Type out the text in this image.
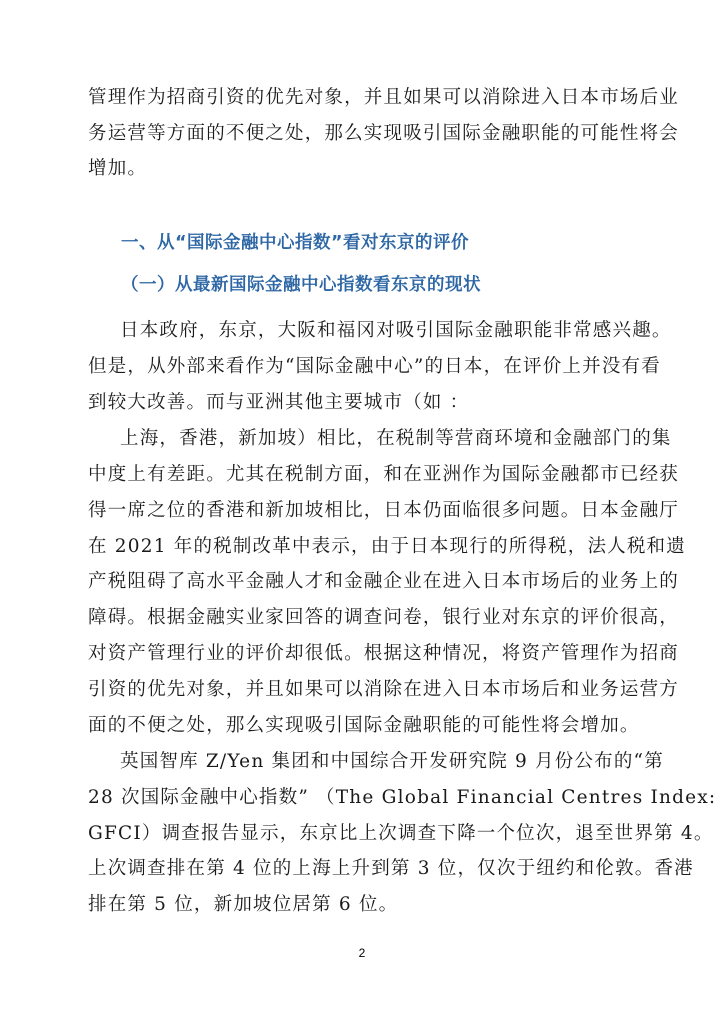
管理作为招商引资的优先对象，并且如果可以消除进入日本市场后业
务运营等方面的不便之处，那么实现吸引国际金融职能的可能性将会
增加。
一、从“国际金融中心指数”看对东京的评价
（一）从最新国际金融中心指数看东京的现状
日本政府，东京，大阪和福冈对吸引国际金融职能非常感兴趣。
但是，从外部来看作为“国际金融中心”的日本，在评价上并没有看
到较大改善。而与亚洲其他主要城市（如 ：
上海，香港，新加坡）相比，在税制等营商环境和金融部门的集
中度上有差距。尤其在税制方面，和在亚洲作为国际金融都市已经获
得一席之位的香港和新加坡相比，日本仍面临很多问题。日本金融厅
在 2021 年的税制改革中表示，由于日本现行的所得税，法人税和遗
产税阻碍了高水平金融人才和金融企业在进入日本市场后的业务上的
障碍。根据金融实业家回答的调查问卷，银行业对东京的评价很高，
对资产管理行业的评价却很低。根据这种情况，将资产管理作为招商
引资的优先对象，并且如果可以消除在进入日本市场后和业务运营方
面的不便之处，那么实现吸引国际金融职能的可能性将会增加。
英国智库 Z/Yen 集团和中国综合开发研究院 9 月份公布的“第
28 次国际金融中心指数” （The Global Financial Centres Index:
GFCI）调查报告显示，东京比上次调查下降一个位次，退至世界第 4。
上次调查排在第 4 位的上海上升到第 3 位，仅次于纽约和伦敦。香港
排在第 5 位，新加坡位居第 6 位。
2
